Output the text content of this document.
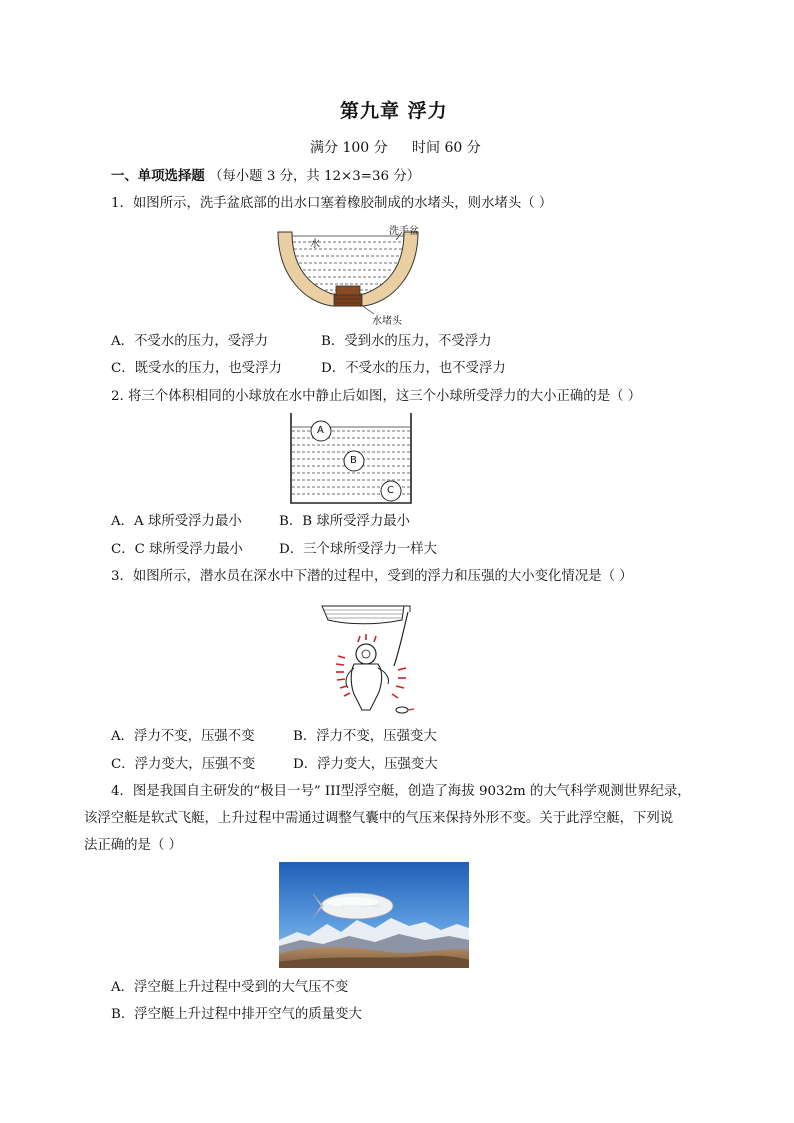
第九章 浮力
满分 100 分 时间 60 分
一、单项选择题 （每小题 3 分，共 12×3=36 分）
1．如图所示，洗手盆底部的出水口塞着橡胶制成的水堵头，则水堵头（ ）
水
洗手盆
水堵头
A．不受水的压力，受浮力	B．受到水的压力，不受浮力
C．既受水的压力，也受浮力	D．不受水的压力，也不受浮力
2. 将三个体积相同的小球放在水中静止后如图，这三个小球所受浮力的大小正确的是（ ）
A
B
C
A．A 球所受浮力最小	B．B 球所受浮力最小
C．C 球所受浮力最小	D．三个球所受浮力一样大
3．如图所示，潜水员在深水中下潜的过程中，受到的浮力和压强的大小变化情况是（ ）
A．浮力不变，压强不变	B．浮力不变，压强变大
C．浮力变大，压强不变	D．浮力变大，压强变大
4．图是我国自主研发的“极目一号” III型浮空艇，创造了海拔 9032m 的大气科学观测世界纪录，
该浮空艇是软式飞艇，上升过程中需通过调整气囊中的气压来保持外形不变。关于此浮空艇，下列说
法正确的是（ ）
A．浮空艇上升过程中受到的大气压不变
B．浮空艇上升过程中排开空气的质量变大
